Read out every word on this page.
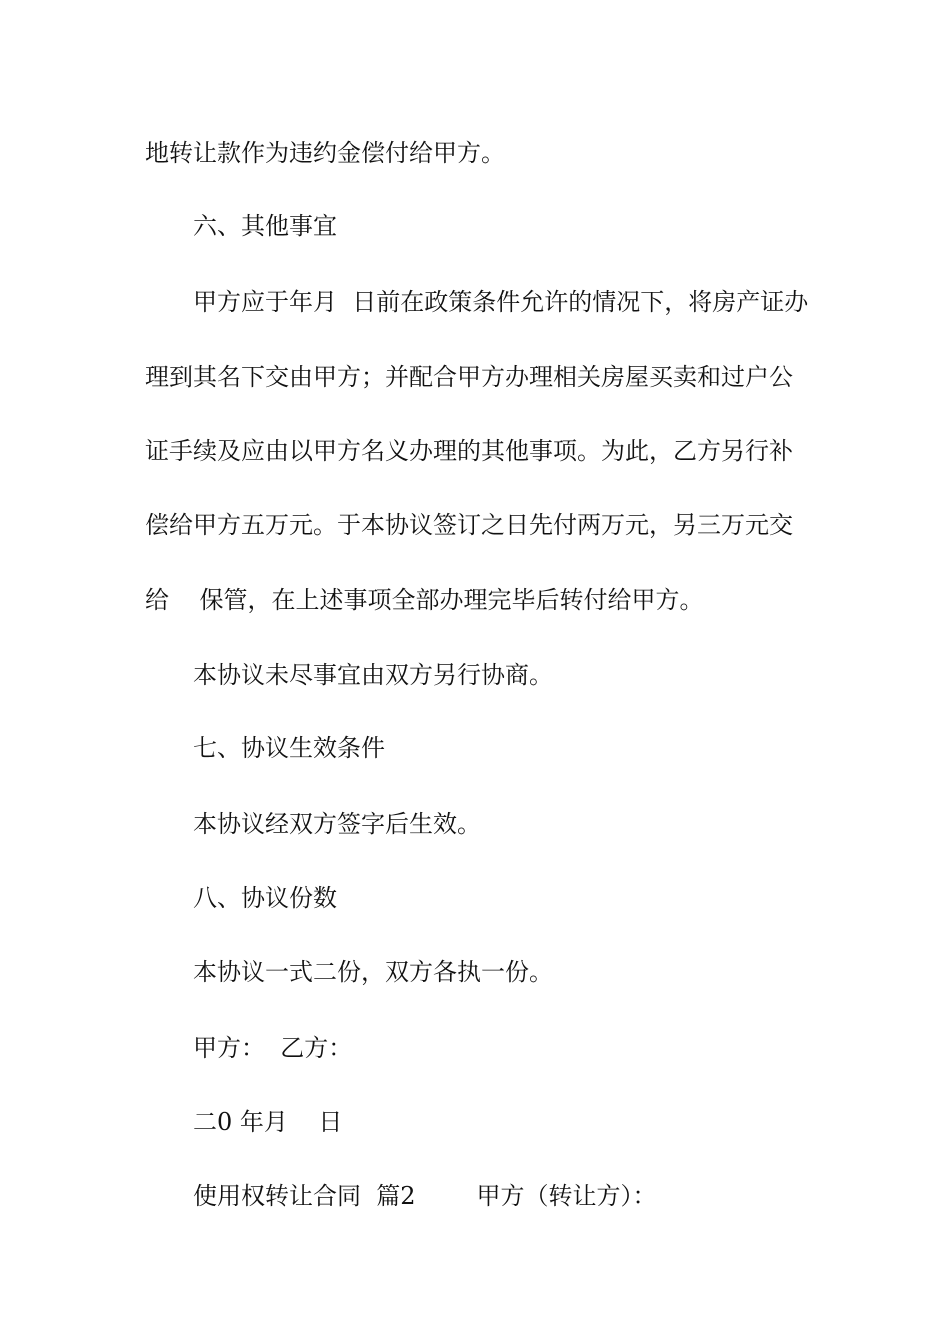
地转让款作为违约金偿付给甲方。
六、其他事宜
甲方应于年月  日前在政策条件允许的情况下，将房产证办
理到其名下交由甲方；并配合甲方办理相关房屋买卖和过户公
证手续及应由以甲方名义办理的其他事项。为此，乙方另行补
偿给甲方五万元。于本协议签订之日先付两万元，另三万元交
给    保管，在上述事项全部办理完毕后转付给甲方。
本协议未尽事宜由双方另行协商。
七、协议生效条件
本协议经双方签字后生效。
八、协议份数
本协议一式二份，双方各执一份。
甲方：  乙方：
二0 年月    日
使用权转让合同  篇2        甲方（转让方）：
